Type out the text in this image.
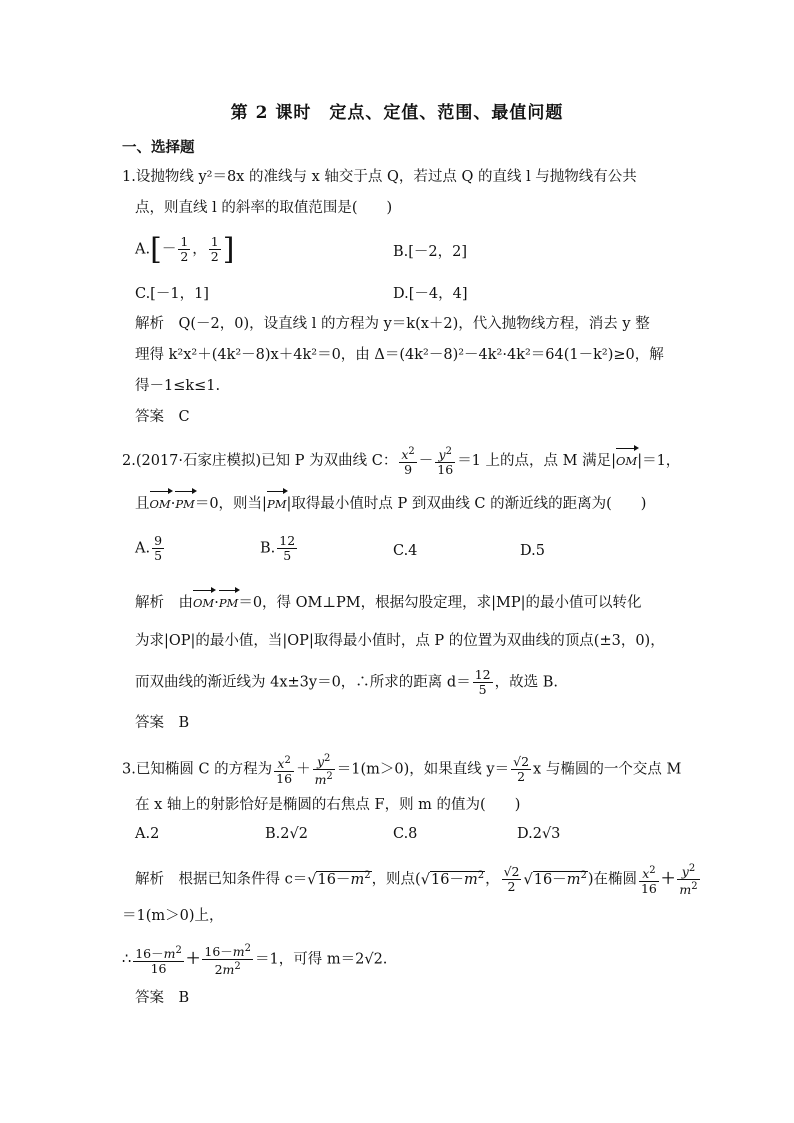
第 2 课时　定点、定值、范围、最值问题
一、选择题
1.设抛物线 y²＝8x 的准线与 x 轴交于点 Q，若过点 Q 的直线 l 与抛物线有公共
点，则直线 l 的斜率的取值范围是(　　)
$A.[- \frac{1}{2}$ ， $\frac{1}{2}$ ]	B.[－2，2]
C.[－1，1]	D.[－4，4]
解析　Q(－2，0)，设直线 l 的方程为 y＝k(x＋2)，代入抛物线方程，消去 y 整
理得 k²x²＋(4k²－8)x＋4k²＝0，由 Δ＝(4k²－8)²－4k²·4k²＝64(1－k²)≥0，解
得－1≤k≤1.
答案　C
2.(2017·石家庄模拟)已知 P 为双曲线 C： $\frac{x^2}{9} - \frac{y^2}{16} =1$ 上的点，点 M 满足|OM|＝1，
且OM·PM＝0，则当|PM|取得最小值时点 P 到双曲线 C 的渐近线的距离为(　　)
A. $\frac{9}{5}$	B. $\frac{12}{5}$	C.4	D.5
解析　由OM·PM＝0，得 OM⊥PM，根据勾股定理，求|MP|的最小值可以转化
为求|OP|的最小值，当|OP|取得最小值时，点 P 的位置为双曲线的顶点(±3，0)，
而双曲线的渐近线为 4x±3y＝0，∴所求的距离 $d= \frac{12}{5}$ ，故选 B.
答案　B
3.已知椭圆 C 的方程为 $\frac{x^2}{16} + \frac{y^2}{m^2} =1(m>0)$，如果直线 $y= \frac{√2}{2}$ x 与椭圆的一个交点 M
在 x 轴上的射影恰好是椭圆的右焦点 F，则 m 的值为(　　)
A.2	B.2√2	C.8	D.2√3
解析　根据已知条件得 $c=√16-m^2$，则点($√16-m^2$， $\frac{√2}{2} √16-m^2$)在椭圆 $\frac{x^2}{16} + \frac{y^2}{m^2}$
＝1(m＞0)上，
∴ $\frac{16-m^2}{16} + \frac{16-m^2}{2m^2} =1$，可得 m＝2√2.
答案　B
